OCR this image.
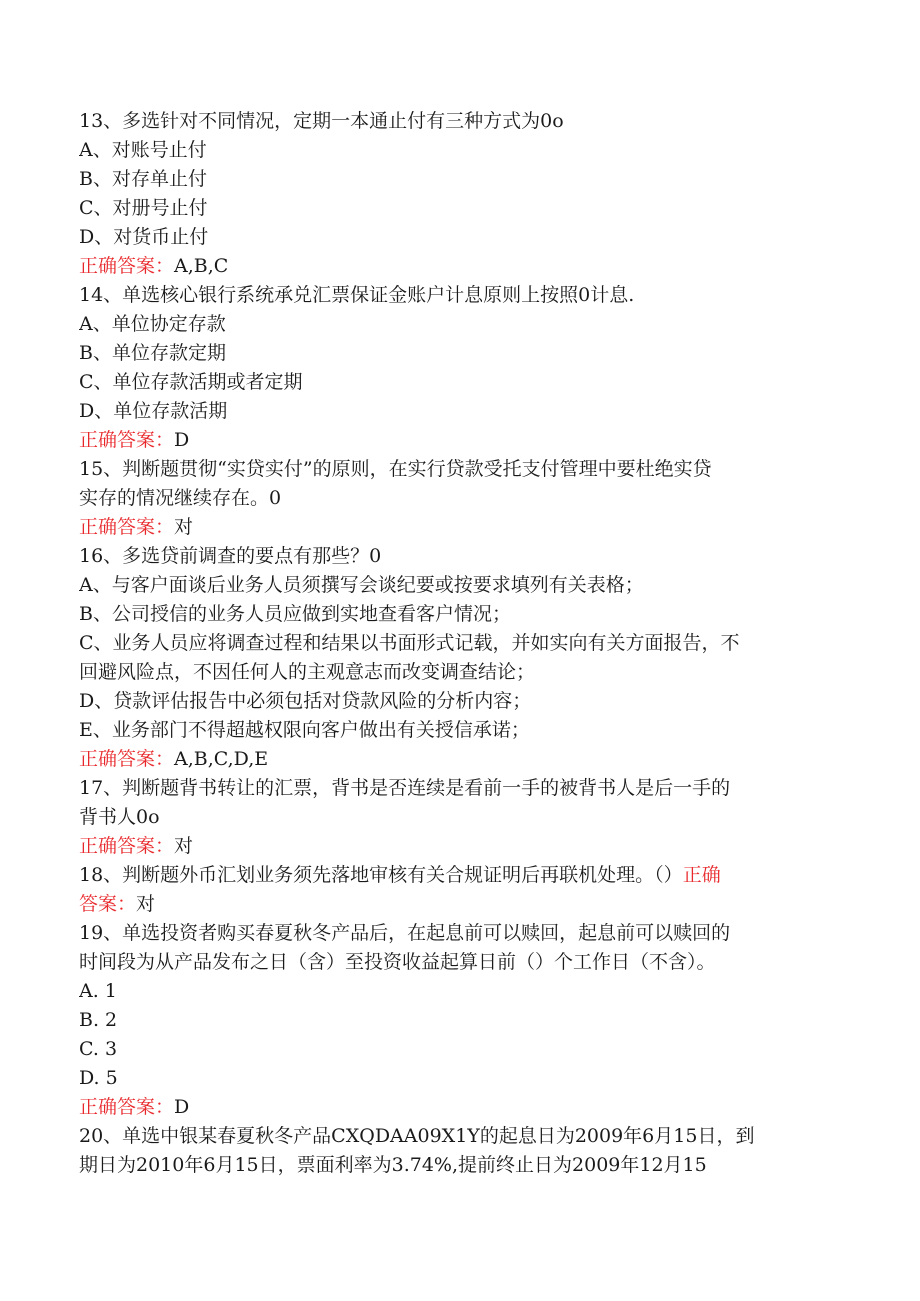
13、多选针对不同情况，定期一本通止付有三种方式为0o
A、对账号止付
B、对存单止付
C、对册号止付
D、对货币止付
正确答案：A,B,C
14、单选核心银行系统承兑汇票保证金账户计息原则上按照0计息.
A、单位协定存款
B、单位存款定期
C、单位存款活期或者定期
D、单位存款活期
正确答案：D
15、判断题贯彻“实贷实付”的原则，在实行贷款受托支付管理中要杜绝实贷
实存的情况继续存在。0
正确答案：对
16、多选贷前调查的要点有那些？0
A、与客户面谈后业务人员须撰写会谈纪要或按要求填列有关表格；
B、公司授信的业务人员应做到实地查看客户情况；
C、业务人员应将调查过程和结果以书面形式记载，并如实向有关方面报告，不
回避风险点，不因任何人的主观意志而改变调查结论；
D、贷款评估报告中必须包括对贷款风险的分析内容；
E、业务部门不得超越权限向客户做出有关授信承诺；
正确答案：A,B,C,D,E
17、判断题背书转让的汇票，背书是否连续是看前一手的被背书人是后一手的
背书人0o
正确答案：对
18、判断题外币汇划业务须先落地审核有关合规证明后再联机处理。（）正确
答案：对
19、单选投资者购买春夏秋冬产品后，在起息前可以赎回，起息前可以赎回的
时间段为从产品发布之日（含）至投资收益起算日前（）个工作日（不含）。
A. 1
B. 2
C. 3
D. 5
正确答案：D
20、单选中银某春夏秋冬产品CXQDAA09X1Y的起息日为2009年6月15日，到
期日为2010年6月15日，票面利率为3.74%,提前终止日为2009年12月15
